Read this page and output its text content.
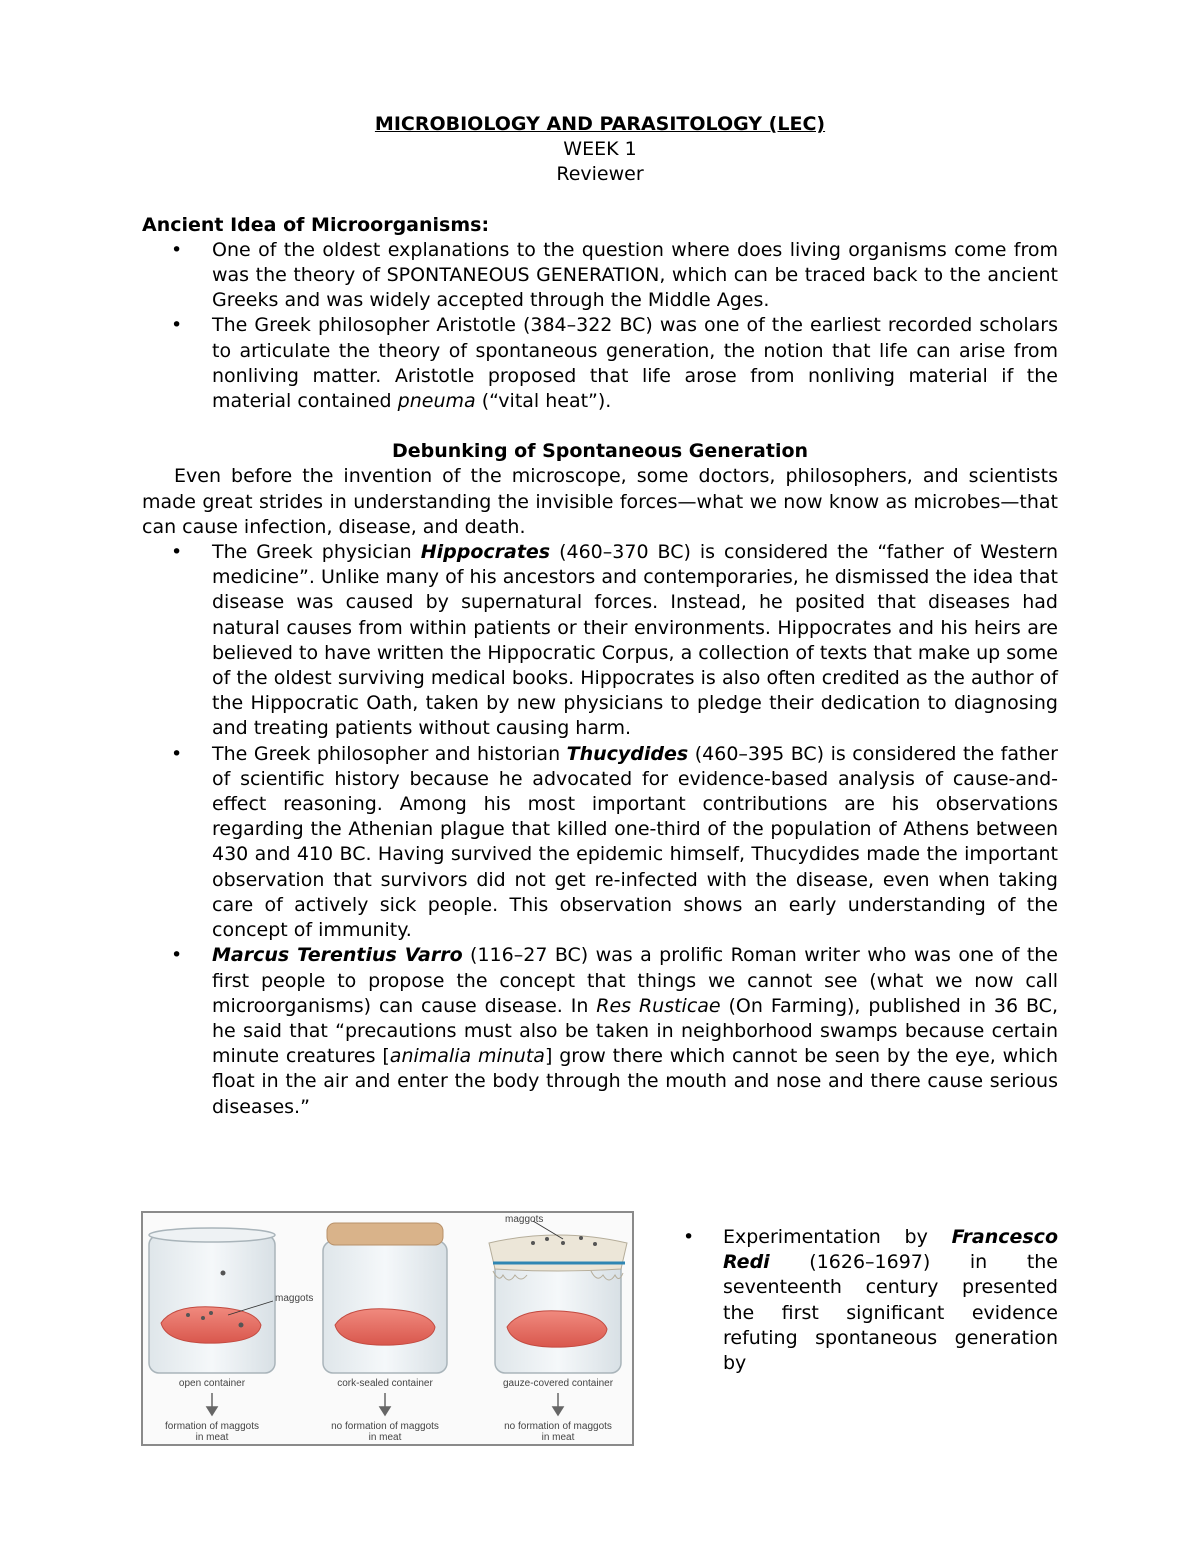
MICROBIOLOGY AND PARASITOLOGY (LEC)
WEEK 1
Reviewer
Ancient Idea of Microorganisms:
• One of the oldest explanations to the question where does living organisms come from was the theory of SPONTANEOUS GENERATION, which can be traced back to the ancient Greeks and was widely accepted through the Middle Ages.
• The Greek philosopher Aristotle (384–322 BC) was one of the earliest recorded scholars to articulate the theory of spontaneous generation, the notion that life can arise from nonliving matter. Aristotle proposed that life arose from nonliving material if the material contained pneuma (“vital heat”).
Debunking of Spontaneous Generation

Even before the invention of the microscope, some doctors, philosophers, and scientists made great strides in understanding the invisible forces—what we now know as microbes—that can cause infection, disease, and death.

• The Greek physician Hippocrates (460–370 BC) is considered the “father of Western medicine”. Unlike many of his ancestors and contemporaries, he dismissed the idea that disease was caused by supernatural forces. Instead, he posited that diseases had natural causes from within patients or their environments. Hippocrates and his heirs are believed to have written the Hippocratic Corpus, a collection of texts that make up some of the oldest surviving medical books. Hippocrates is also often credited as the author of the Hippocratic Oath, taken by new physicians to pledge their dedication to diagnosing and treating patients without causing harm.
• The Greek philosopher and historian Thucydides (460–395 BC) is considered the father of scientific history because he advocated for evidence-based analysis of cause-and-effect reasoning. Among his most important contributions are his observations regarding the Athenian plague that killed one-third of the population of Athens between 430 and 410 BC. Having survived the epidemic himself, Thucydides made the important observation that survivors did not get re-infected with the disease, even when taking care of actively sick people. This observation shows an early understanding of the concept of immunity.
• Marcus Terentius Varro (116–27 BC) was a prolific Roman writer who was one of the first people to propose the concept that things we cannot see (what we now call microorganisms) can cause disease. In Res Rusticae (On Farming), published in 36 BC, he said that “precautions must also be taken in neighborhood swamps because certain minute creatures [animalia minuta] grow there which cannot be seen by the eye, which float in the air and enter the body through the mouth and nose and there cause serious diseases.”
maggots
maggots
open container	cork-sealed container	gauze-covered container
formation of maggots
in meat
no formation of maggots
in meat
no formation of maggots
in meat
• Experimentation by Francesco Redi (1626–1697) in the seventeenth century presented the first significant evidence refuting spontaneous generation by
